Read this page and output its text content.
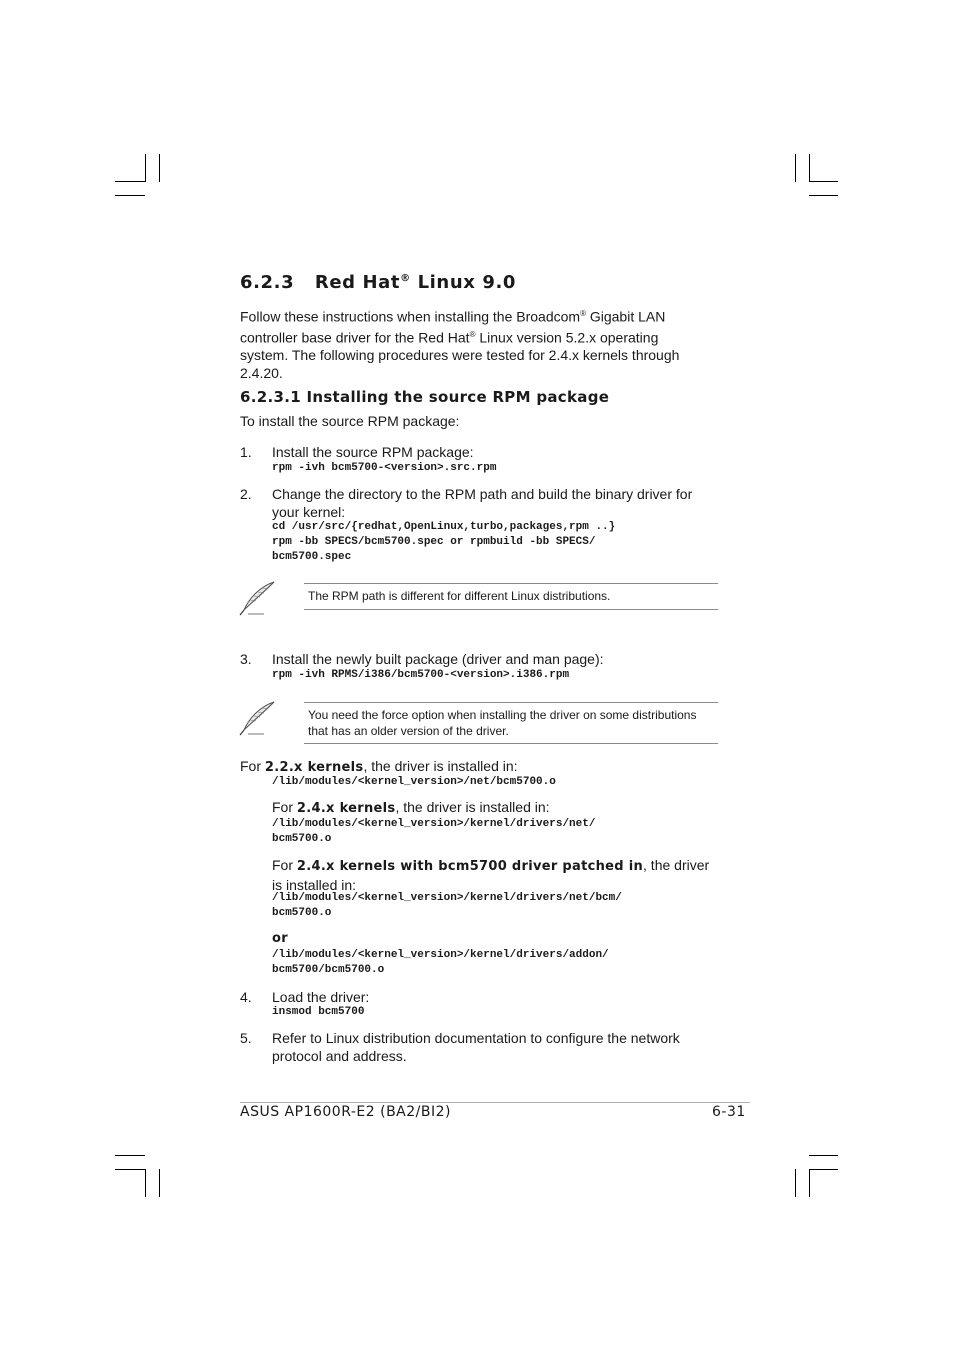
6.2.3 Red Hat® Linux 9.0
Follow these instructions when installing the Broadcom® Gigabit LAN controller base driver for the Red Hat® Linux version 5.2.x operating system. The following procedures were tested for 2.4.x kernels through 2.4.20.
6.2.3.1 Installing the source RPM package
To install the source RPM package:
1. Install the source RPM package:
rpm -ivh bcm5700-<version>.src.rpm
2. Change the directory to the RPM path and build the binary driver for your kernel:
cd /usr/src/{redhat,OpenLinux,turbo,packages,rpm ..}
rpm -bb SPECS/bcm5700.spec or rpmbuild -bb SPECS/
bcm5700.spec
The RPM path is different for different Linux distributions.
3. Install the newly built package (driver and man page):
rpm -ivh RPMS/i386/bcm5700-<version>.i386.rpm
You need the force option when installing the driver on some distributions that has an older version of the driver.
For 2.2.x kernels, the driver is installed in:
/lib/modules/<kernel_version>/net/bcm5700.o
For 2.4.x kernels, the driver is installed in:
/lib/modules/<kernel_version>/kernel/drivers/net/
bcm5700.o
For 2.4.x kernels with bcm5700 driver patched in, the driver is installed in:
/lib/modules/<kernel_version>/kernel/drivers/net/bcm/
bcm5700.o
or
/lib/modules/<kernel_version>/kernel/drivers/addon/
bcm5700/bcm5700.o
4. Load the driver:
insmod bcm5700
5. Refer to Linux distribution documentation to configure the network protocol and address.
ASUS AP1600R-E2 (BA2/BI2)	6-31
